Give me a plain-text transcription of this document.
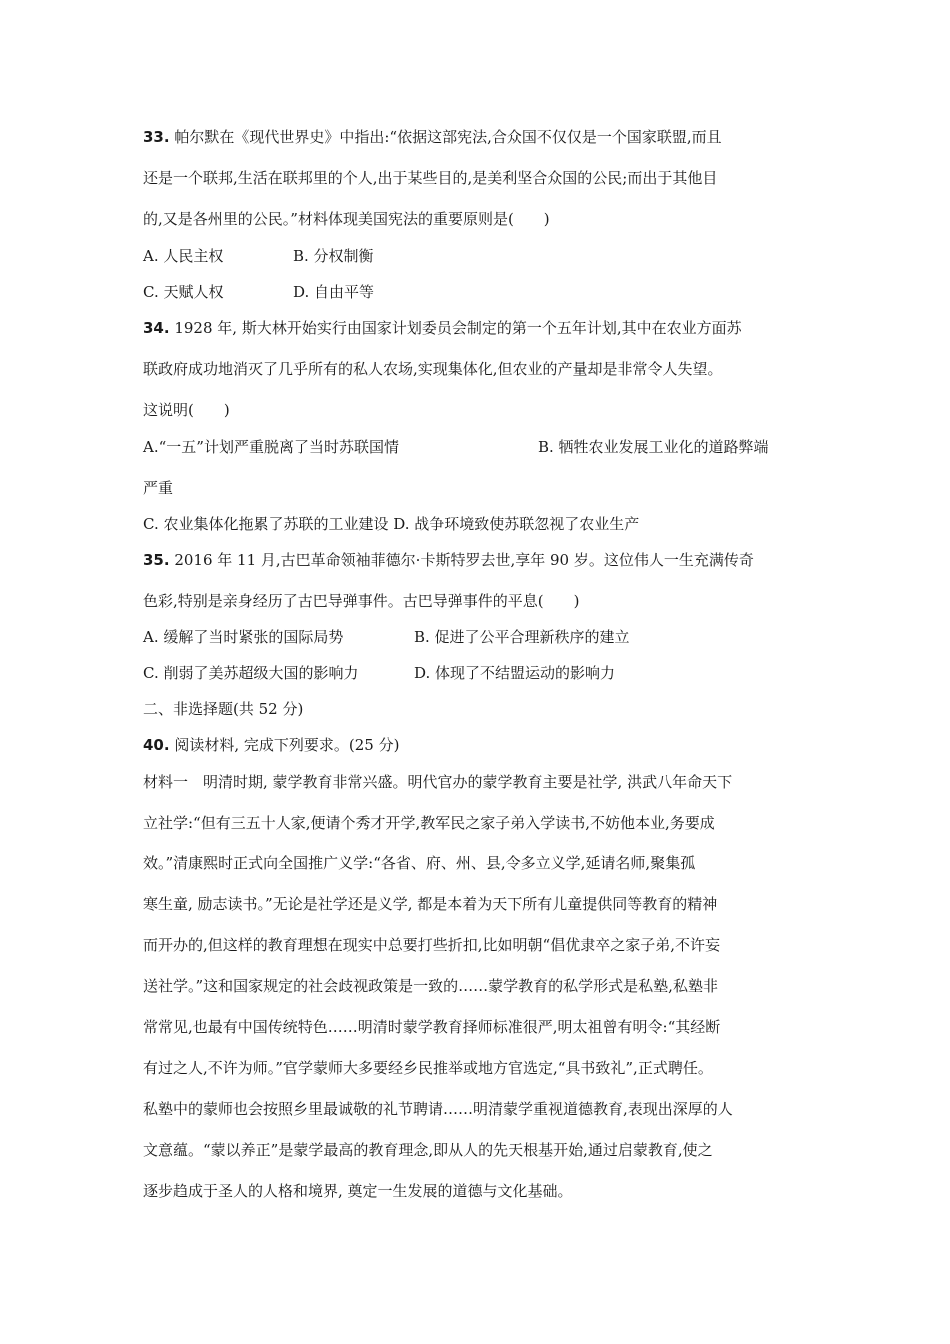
33. 帕尔默在《现代世界史》中指出:“依据这部宪法,合众国不仅仅是一个国家联盟,而且
还是一个联邦,生活在联邦里的个人,出于某些目的,是美利坚合众国的公民;而出于其他目
的,又是各州里的公民。”材料体现美国宪法的重要原则是(　　)
A. 人民主权	B. 分权制衡
C. 天赋人权	D. 自由平等
34. 1928 年, 斯大林开始实行由国家计划委员会制定的第一个五年计划,其中在农业方面苏
联政府成功地消灭了几乎所有的私人农场,实现集体化,但农业的产量却是非常令人失望。
这说明(　　)
A.“一五”计划严重脱离了当时苏联国情	B. 牺牲农业发展工业化的道路弊端
严重
C. 农业集体化拖累了苏联的工业建设 D. 战争环境致使苏联忽视了农业生产
35. 2016 年 11 月,古巴革命领袖菲德尔·卡斯特罗去世,享年 90 岁。这位伟人一生充满传奇
色彩,特别是亲身经历了古巴导弹事件。古巴导弹事件的平息(　　)
A. 缓解了当时紧张的国际局势	B. 促进了公平合理新秩序的建立
C. 削弱了美苏超级大国的影响力	D. 体现了不结盟运动的影响力
二、非选择题(共 52 分)
40. 阅读材料, 完成下列要求。(25 分)
材料一　明清时期, 蒙学教育非常兴盛。明代官办的蒙学教育主要是社学, 洪武八年命天下
立社学:“但有三五十人家,便请个秀才开学,教军民之家子弟入学读书,不妨他本业,务要成
效。”清康熙时正式向全国推广义学:“各省、府、州、县,令多立义学,延请名师,聚集孤
寒生童, 励志读书。”无论是社学还是义学, 都是本着为天下所有儿童提供同等教育的精神
而开办的,但这样的教育理想在现实中总要打些折扣,比如明朝“倡优隶卒之家子弟,不许妄
送社学。”这和国家规定的社会歧视政策是一致的……蒙学教育的私学形式是私塾,私塾非
常常见,也最有中国传统特色……明清时蒙学教育择师标准很严,明太祖曾有明令:“其经断
有过之人,不许为师。”官学蒙师大多要经乡民推举或地方官选定,“具书致礼”,正式聘任。
私塾中的蒙师也会按照乡里最诚敬的礼节聘请……明清蒙学重视道德教育,表现出深厚的人
文意蕴。“蒙以养正”是蒙学最高的教育理念,即从人的先天根基开始,通过启蒙教育,使之
逐步趋成于圣人的人格和境界, 奠定一生发展的道德与文化基础。
